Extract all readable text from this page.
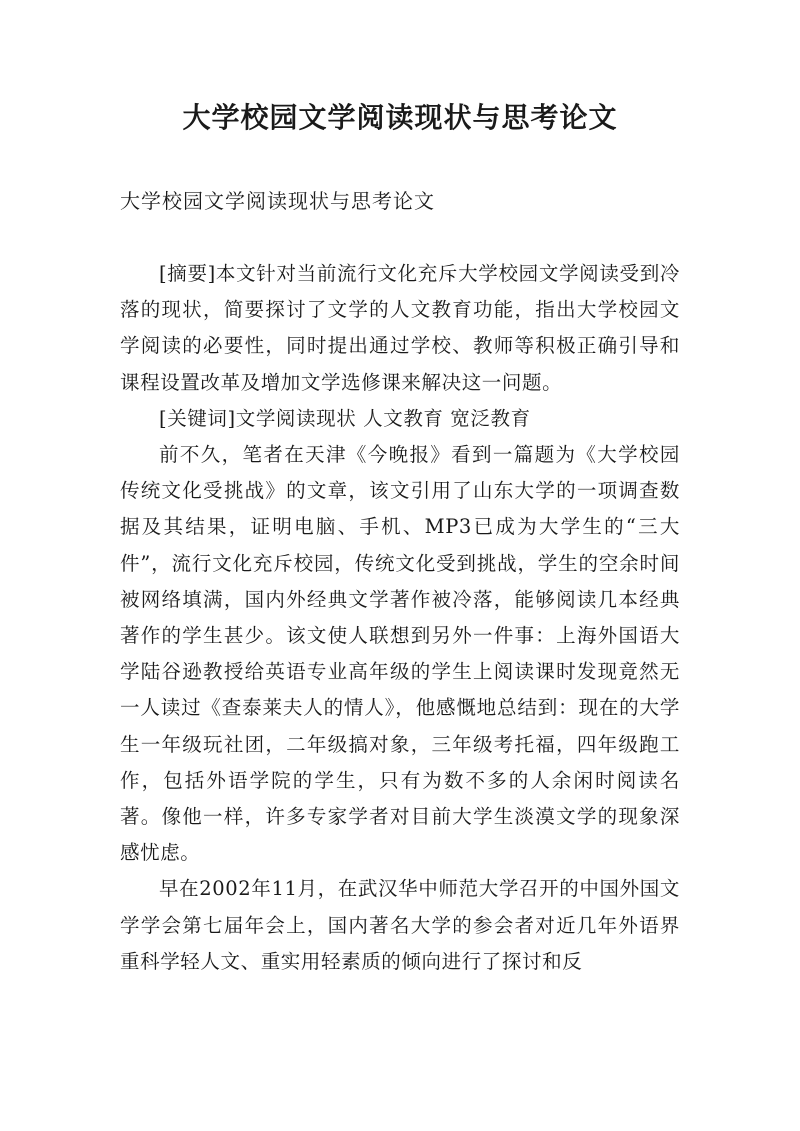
大学校园文学阅读现状与思考论文

大学校园文学阅读现状与思考论文

[摘要]本文针对当前流行文化充斥大学校园文学阅读受到冷落的现状，简要探讨了文学的人文教育功能，指出大学校园文学阅读的必要性，同时提出通过学校、教师等积极正确引导和课程设置改革及增加文学选修课来解决这一问题。

[关键词]文学阅读现状 人文教育 宽泛教育

前不久，笔者在天津《今晚报》看到一篇题为《大学校园传统文化受挑战》的文章，该文引用了山东大学的一项调查数据及其结果，证明电脑、手机、MP3已成为大学生的“三大件”，流行文化充斥校园，传统文化受到挑战，学生的空余时间被网络填满，国内外经典文学著作被冷落，能够阅读几本经典著作的学生甚少。该文使人联想到另外一件事：上海外国语大学陆谷逊教授给英语专业高年级的学生上阅读课时发现竟然无一人读过《查泰莱夫人的情人》，他感慨地总结到：现在的大学生一年级玩社团，二年级搞对象，三年级考托福，四年级跑工作，包括外语学院的学生，只有为数不多的人余闲时阅读名著。像他一样，许多专家学者对目前大学生淡漠文学的现象深感忧虑。

早在2002年11月，在武汉华中师范大学召开的中国外国文学学会第七届年会上，国内著名大学的参会者对近几年外语界重科学轻人文、重实用轻素质的倾向进行了探讨和反
